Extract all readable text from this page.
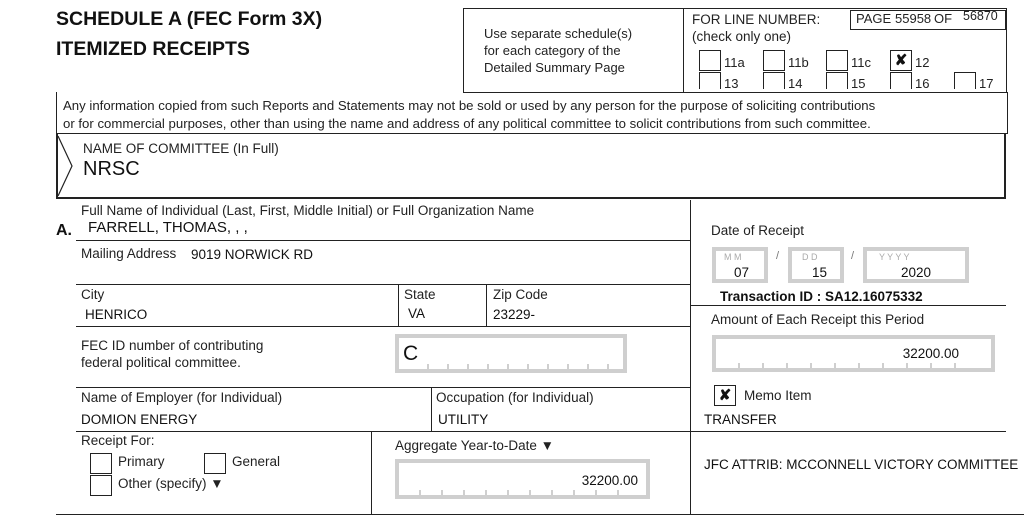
SCHEDULE A (FEC Form 3X)
ITEMIZED RECEIPTS
Use separate schedule(s)
for each category of the
Detailed Summary Page
FOR LINE NUMBER:
(check only one)
PAGE 55958 OF 56870
11a	11b	11c	✘ 12
13	14	15	16	17
Any information copied from such Reports and Statements may not be sold or used by any person for the purpose of soliciting contributions
or for commercial purposes, other than using the name and address of any political committee to solicit contributions from such committee.
NAME OF COMMITTEE (In Full)
NRSC
A.
Full Name of Individual (Last, First, Middle Initial) or Full Organization Name
FARRELL, THOMAS, , ,
Mailing Address 9019 NORWICK RD
City
HENRICO
State
VA
Zip Code
23229-
FEC ID number of contributing
federal political committee.	C
Name of Employer (for Individual)
DOMION ENERGY
Occupation (for Individual)
UTILITY
Receipt For:
Primary	General
Other (specify) ▼
Aggregate Year-to-Date ▼
32200.00
Date of Receipt
M M
07
/	D D
15
/	Y Y Y Y
2020
Transaction ID : SA12.16075332
Amount of Each Receipt this Period
32200.00
✘ Memo Item
TRANSFER
JFC ATTRIB: MCCONNELL VICTORY COMMITTEE
